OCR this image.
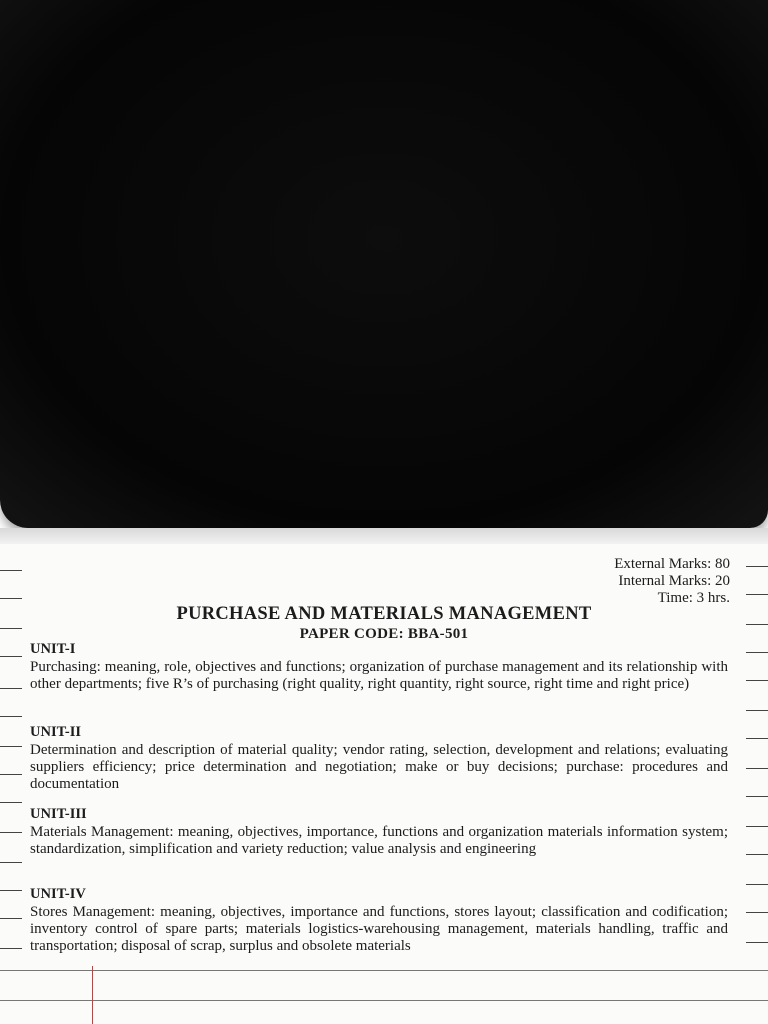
External Marks: 80
Internal Marks: 20
Time: 3 hrs.
PURCHASE AND MATERIALS MANAGEMENT
PAPER CODE: BBA-501
UNIT-I
Purchasing: meaning, role, objectives and functions; organization of purchase management and its relationship with other departments; five R’s of purchasing (right quality, right quantity, right source, right time and right price)
UNIT-II
Determination and description of material quality; vendor rating, selection, development and relations; evaluating suppliers efficiency; price determination and negotiation; make or buy decisions; purchase: procedures and documentation
UNIT-III
Materials Management: meaning, objectives, importance, functions and organization materials information system; standardization, simplification and variety reduction; value analysis and engineering
UNIT-IV
Stores Management: meaning, objectives, importance and functions, stores layout; classification and codification; inventory control of spare parts; materials logistics-warehousing management, materials handling, traffic and transportation; disposal of scrap, surplus and obsolete materials
